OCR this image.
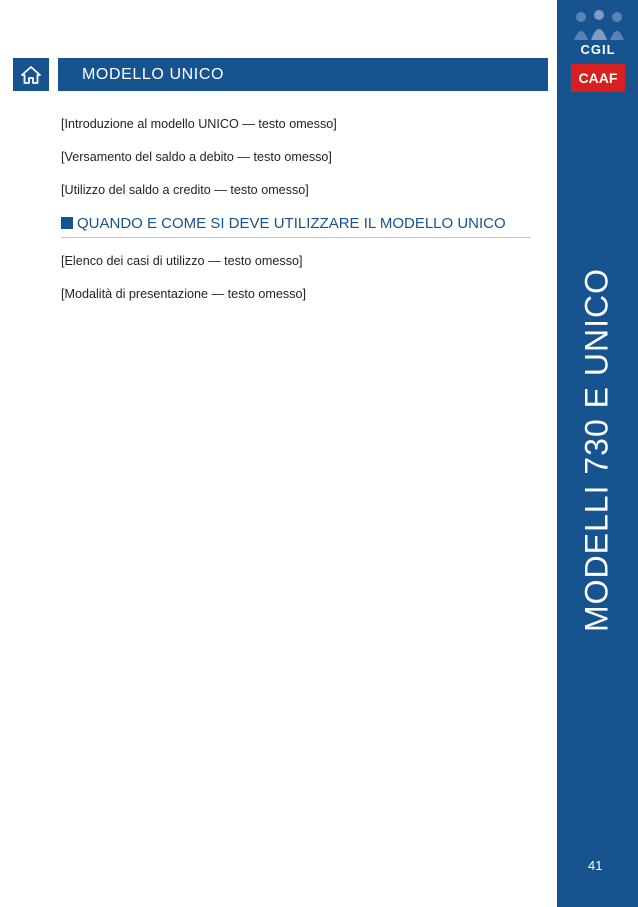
MODELLO UNICO
CGIL
CAAF
MODELLI 730 E UNICO
41

[Introduzione al modello UNICO — testo omesso]

[Versamento del saldo a debito — testo omesso]

[Utilizzo del saldo a credito — testo omesso]

QUANDO E COME SI DEVE UTILIZZARE IL MODELLO UNICO

[Elenco dei casi di utilizzo — testo omesso]

[Modalità di presentazione — testo omesso]
